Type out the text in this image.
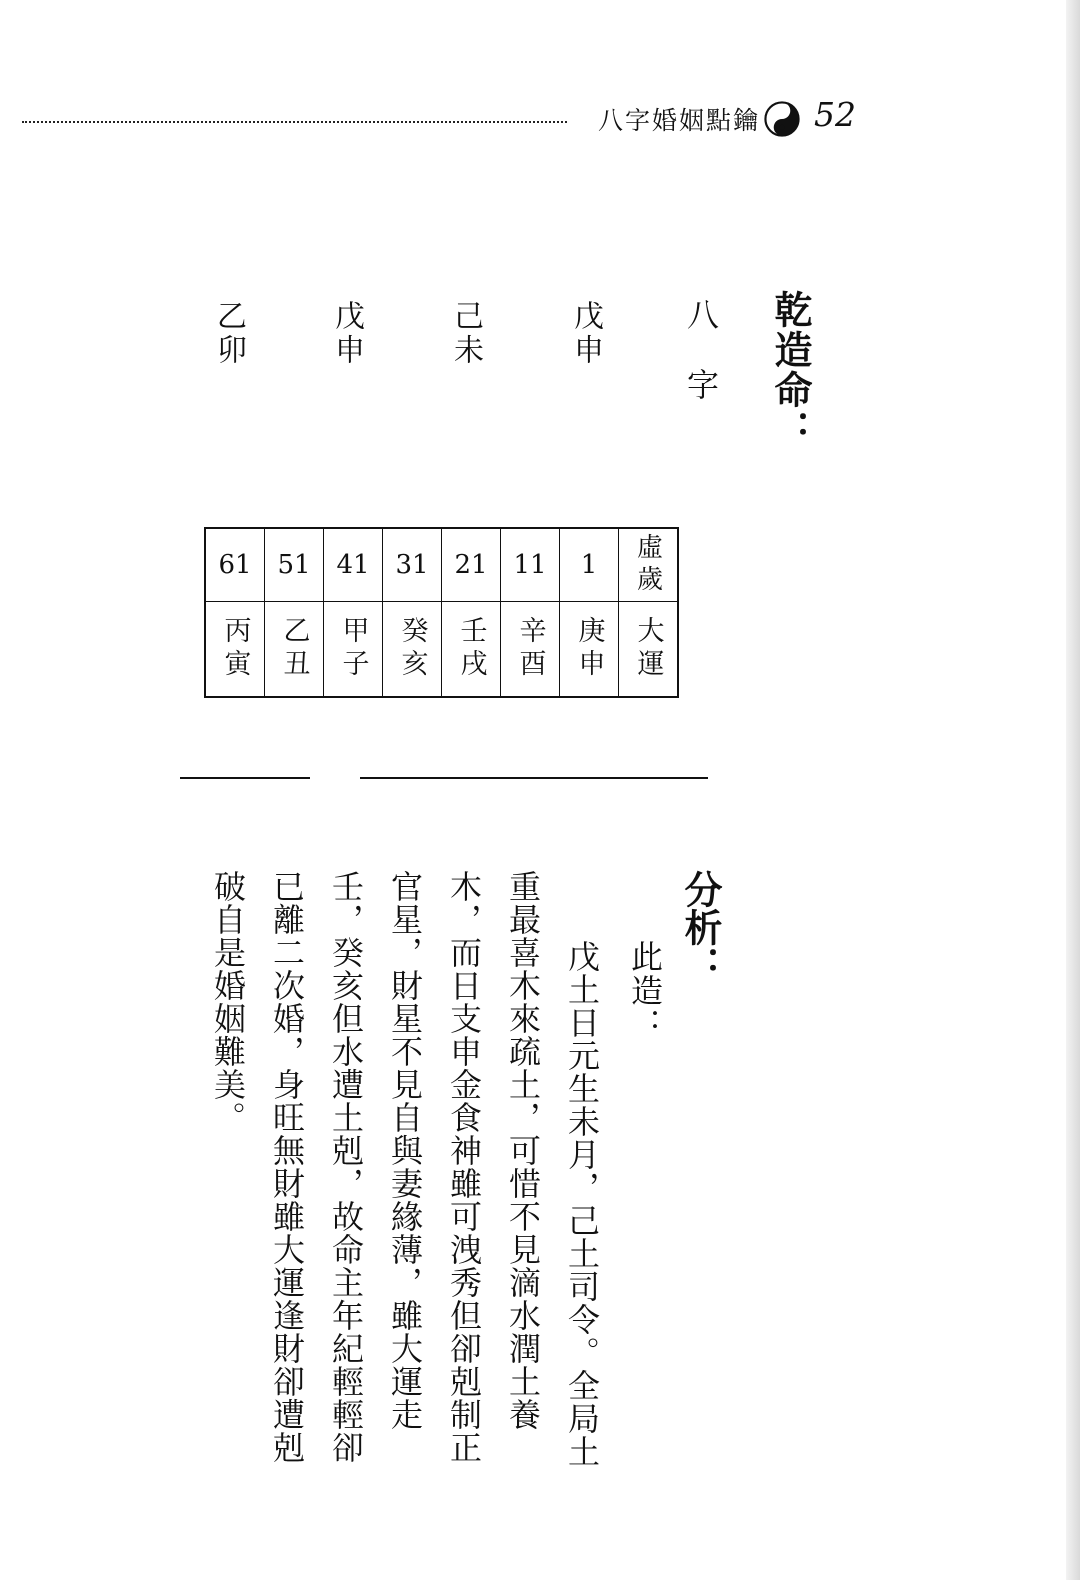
八字婚姻點鑰 52
乾造命：
八字
戊申
己未
戊申
乙卯
61	51	41	31	21	11	1	虛歲

丙寅	乙丑	甲子	癸亥	壬戌	辛酉	庚申	大運
分析：
此造：
戊土日元生未月，己土司令。全局土
重最喜木來疏土，可惜不見滴水潤土養
木，而日支申金食神雖可洩秀但卻剋制正
官星，財星不見自與妻緣薄，雖大運走
壬，癸亥但水遭土剋，故命主年紀輕輕卻
已離二次婚，身旺無財雖大運逢財卻遭剋
破自是婚姻難美。
